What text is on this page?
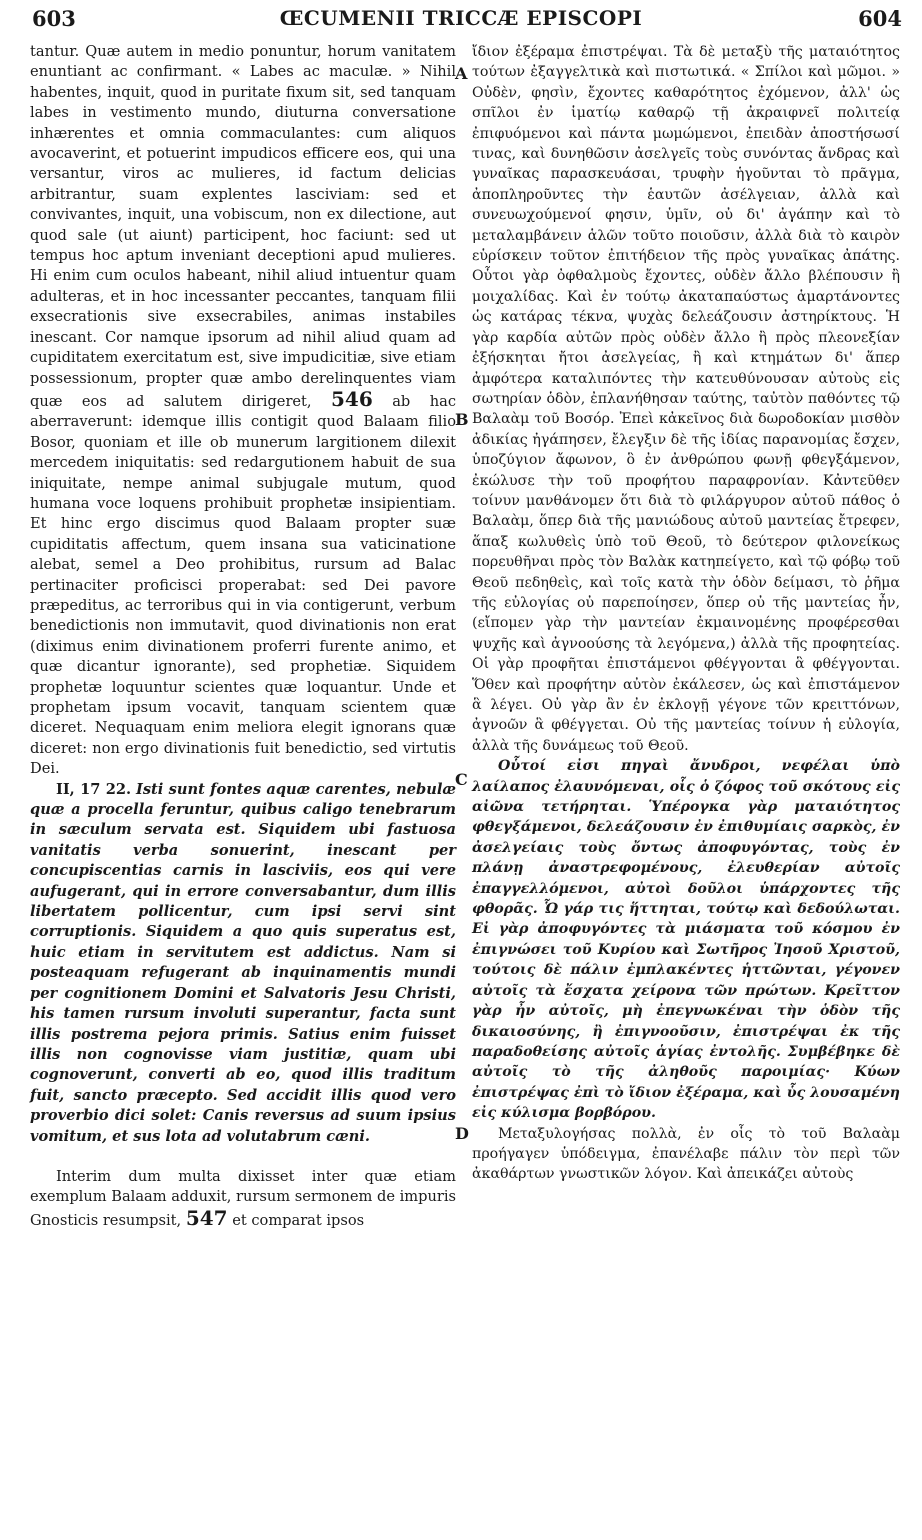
603	ŒCUMENII TRICCÆ EPISCOPI	604

tantur. Quæ autem in medio ponuntur, horum vanitatem enuntiant ac confirmant. « Labes ac maculæ. » Nihil habentes, inquit, quod in puritate fixum sit, sed tanquam labes in vestimento mundo, diuturna conversatione inhærentes et omnia commaculantes: cum aliquos avocaverint, et potuerint impudicos efficere eos, qui una versantur, viros ac mulieres, id factum delicias arbitrantur, suam explentes lasciviam: sed et convivantes, inquit, una vobiscum, non ex dilectione, aut quod sale (ut aiunt) participent, hoc faciunt: sed ut tempus hoc aptum inveniant deceptioni apud mulieres. Hi enim cum oculos habeant, nihil aliud intuentur quam adulteras, et in hoc incessanter peccantes, tanquam filii exsecrationis sive exsecrabiles, animas instabiles inescant. Cor namque ipsorum ad nihil aliud quam ad cupiditatem exercitatum est, sive impudicitiæ, sive etiam possessionum, propter quæ ambo derelinquentes viam quæ eos ad salutem dirigeret, 546 ab hac aberraverunt: idemque illis contigit quod Balaam filio Bosor, quoniam et ille ob munerum largitionem dilexit mercedem iniquitatis: sed redargutionem habuit de sua iniquitate, nempe animal subjugale mutum, quod humana voce loquens prohibuit prophetæ insipientiam. Et hinc ergo discimus quod Balaam propter suæ cupiditatis affectum, quem insana sua vaticinatione alebat, semel a Deo prohibitus, rursum ad Balac pertinaciter proficisci properabat: sed Dei pavore præpeditus, ac terroribus qui in via contigerunt, verbum benedictionis non immutavit, quod divinationis non erat (diximus enim divinationem proferri furente animo, et quæ dicantur ignorante), sed prophetiæ. Siquidem prophetæ loquuntur scientes quæ loquantur. Unde et prophetam ipsum vocavit, tanquam scientem quæ diceret. Nequaquam enim meliora elegit ignorans quæ diceret: non ergo divinationis fuit benedictio, sed virtutis Dei.

II, 17 22. Isti sunt fontes aquæ carentes, nebulæ quæ a procella feruntur, quibus caligo tenebrarum in sæculum servata est. Siquidem ubi fastuosa vanitatis verba sonuerint, inescant per concupiscentias carnis in lasciviis, eos qui vere aufugerant, qui in errore conversabantur, dum illis libertatem pollicentur, cum ipsi servi sint corruptionis. Siquidem a quo quis superatus est, huic etiam in servitutem est addictus. Nam si posteaquam refugerant ab inquinamentis mundi per cognitionem Domini et Salvatoris Jesu Christi, his tamen rursum involuti superantur, facta sunt illis postrema pejora primis. Satius enim fuisset illis non cognovisse viam justitiæ, quam ubi cognoverunt, converti ab eo, quod illis traditum fuit, sancto præcepto. Sed accidit illis quod vero proverbio dici solet: Canis reversus ad suum ipsius vomitum, et sus lota ad volutabrum cæni.

Interim dum multa dixisset inter quæ etiam exemplum Balaam adduxit, rursum sermonem de impuris Gnosticis resumpsit, 547 et comparat ipsos

A
B
C
D

ἴδιον ἐξέραμα ἐπιστρέψαι. Τὰ δὲ μεταξὺ τῆς ματαιότητος τούτων ἐξαγγελτικὰ καὶ πιστωτικά. « Σπίλοι καὶ μῶμοι. » Οὐδὲν, φησὶν, ἔχοντες καθαρότητος ἐχόμενον, ἀλλ' ὡς σπῖλοι ἐν ἱματίῳ καθαρῷ τῇ ἀκραιφνεῖ πολιτείᾳ ἐπιφυόμενοι καὶ πάντα μωμώμενοι, ἐπειδὰν ἀποστήσωσί τινας, καὶ δυνηθῶσιν ἀσελγεῖς τοὺς συνόντας ἄνδρας καὶ γυναῖκας παρασκευάσαι, τρυφὴν ἡγοῦνται τὸ πρᾶγμα, ἀποπληροῦντες τὴν ἑαυτῶν ἀσέλγειαν, ἀλλὰ καὶ συνευωχούμενοί φησιν, ὑμῖν, οὐ δι' ἀγάπην καὶ τὸ μεταλαμβάνειν ἁλῶν τοῦτο ποιοῦσιν, ἀλλὰ διὰ τὸ καιρὸν εὑρίσκειν τοῦτον ἐπιτήδειον τῆς πρὸς γυναῖκας ἀπάτης. Οὗτοι γὰρ ὀφθαλμοὺς ἔχοντες, οὐδὲν ἄλλο βλέπουσιν ἢ μοιχαλίδας. Καὶ ἐν τούτῳ ἀκαταπαύστως ἁμαρτάνοντες ὡς κατάρας τέκνα, ψυχὰς δελεάζουσιν ἀστηρίκτους. Ἡ γὰρ καρδία αὐτῶν πρὸς οὐδὲν ἄλλο ἢ πρὸς πλεονεξίαν ἐξήσκηται ἤτοι ἀσελγείας, ἢ καὶ κτημάτων δι' ἅπερ ἀμφότερα καταλιπόντες τὴν κατευθύνουσαν αὐτοὺς εἰς σωτηρίαν ὁδὸν, ἐπλανήθησαν ταύτης, ταὐτὸν παθόντες τῷ Βαλαὰμ τοῦ Βοσόρ. Ἐπεὶ κἀκεῖνος διὰ δωροδοκίαν μισθὸν ἀδικίας ἠγάπησεν, ἔλεγξιν δὲ τῆς ἰδίας παρανομίας ἔσχεν, ὑποζύγιον ἄφωνον, ὃ ἐν ἀνθρώπου φωνῇ φθεγξάμενον, ἐκώλυσε τὴν τοῦ προφήτου παραφρονίαν. Κἀντεῦθεν τοίνυν μανθάνομεν ὅτι διὰ τὸ φιλάργυρον αὐτοῦ πάθος ὁ Βαλαὰμ, ὅπερ διὰ τῆς μανιώδους αὐτοῦ μαντείας ἔτρεφεν, ἅπαξ κωλυθεὶς ὑπὸ τοῦ Θεοῦ, τὸ δεύτερον φιλονείκως πορευθῆναι πρὸς τὸν Βαλὰκ κατηπείγετο, καὶ τῷ φόβῳ τοῦ Θεοῦ πεδηθεὶς, καὶ τοῖς κατὰ τὴν ὁδὸν δείμασι, τὸ ῥῆμα τῆς εὐλογίας οὐ παρεποίησεν, ὅπερ οὐ τῆς μαντείας ἦν, (εἴπομεν γὰρ τὴν μαντείαν ἐκμαινομένης προφέρεσθαι ψυχῆς καὶ ἀγνοούσης τὰ λεγόμενα,) ἀλλὰ τῆς προφητείας. Οἱ γὰρ προφῆται ἐπιστάμενοι φθέγγονται ἃ φθέγγονται. Ὅθεν καὶ προφήτην αὐτὸν ἐκάλεσεν, ὡς καὶ ἐπιστάμενον ἃ λέγει. Οὐ γὰρ ἂν ἐν ἐκλογῇ γέγονε τῶν κρειττόνων, ἀγνοῶν ἃ φθέγγεται. Οὐ τῆς μαντείας τοίνυν ἡ εὐλογία, ἀλλὰ τῆς δυνάμεως τοῦ Θεοῦ.

Οὗτοί εἰσι πηγαὶ ἄνυδροι, νεφέλαι ὑπὸ λαίλαπος ἐλαυνόμεναι, οἷς ὁ ζόφος τοῦ σκότους εἰς αἰῶνα τετήρηται. Ὑπέρογκα γὰρ ματαιότητος φθεγξάμενοι, δελεάζουσιν ἐν ἐπιθυμίαις σαρκὸς, ἐν ἀσελγείαις τοὺς ὄντως ἀποφυγόντας, τοὺς ἐν πλάνῃ ἀναστρεφομένους, ἐλευθερίαν αὐτοῖς ἐπαγγελλόμενοι, αὐτοὶ δοῦλοι ὑπάρχοντες τῆς φθορᾶς. Ὧ γάρ τις ἥττηται, τούτῳ καὶ δεδούλωται. Εἰ γὰρ ἀποφυγόντες τὰ μιάσματα τοῦ κόσμου ἐν ἐπιγνώσει τοῦ Κυρίου καὶ Σωτῆρος Ἰησοῦ Χριστοῦ, τούτοις δὲ πάλιν ἐμπλακέντες ἡττῶνται, γέγονεν αὐτοῖς τὰ ἔσχατα χείρονα τῶν πρώτων. Κρεῖττον γὰρ ἦν αὐτοῖς, μὴ ἐπεγνωκέναι τὴν ὁδὸν τῆς δικαιοσύνης, ἢ ἐπιγνοοῦσιν, ἐπιστρέψαι ἐκ τῆς παραδοθείσης αὐτοῖς ἁγίας ἐντολῆς. Συμβέβηκε δὲ αὐτοῖς τὸ τῆς ἀληθοῦς παροιμίας· Κύων ἐπιστρέψας ἐπὶ τὸ ἴδιον ἐξέραμα, καὶ ὗς λουσαμένη εἰς κύλισμα βορβόρου.

Μεταξυλογήσας πολλὰ, ἐν οἷς τὸ τοῦ Βαλαὰμ προήγαγεν ὑπόδειγμα, ἐπανέλαβε πάλιν τὸν περὶ τῶν ἀκαθάρτων γνωστικῶν λόγον. Καὶ ἀπεικάζει αὐτοὺς
